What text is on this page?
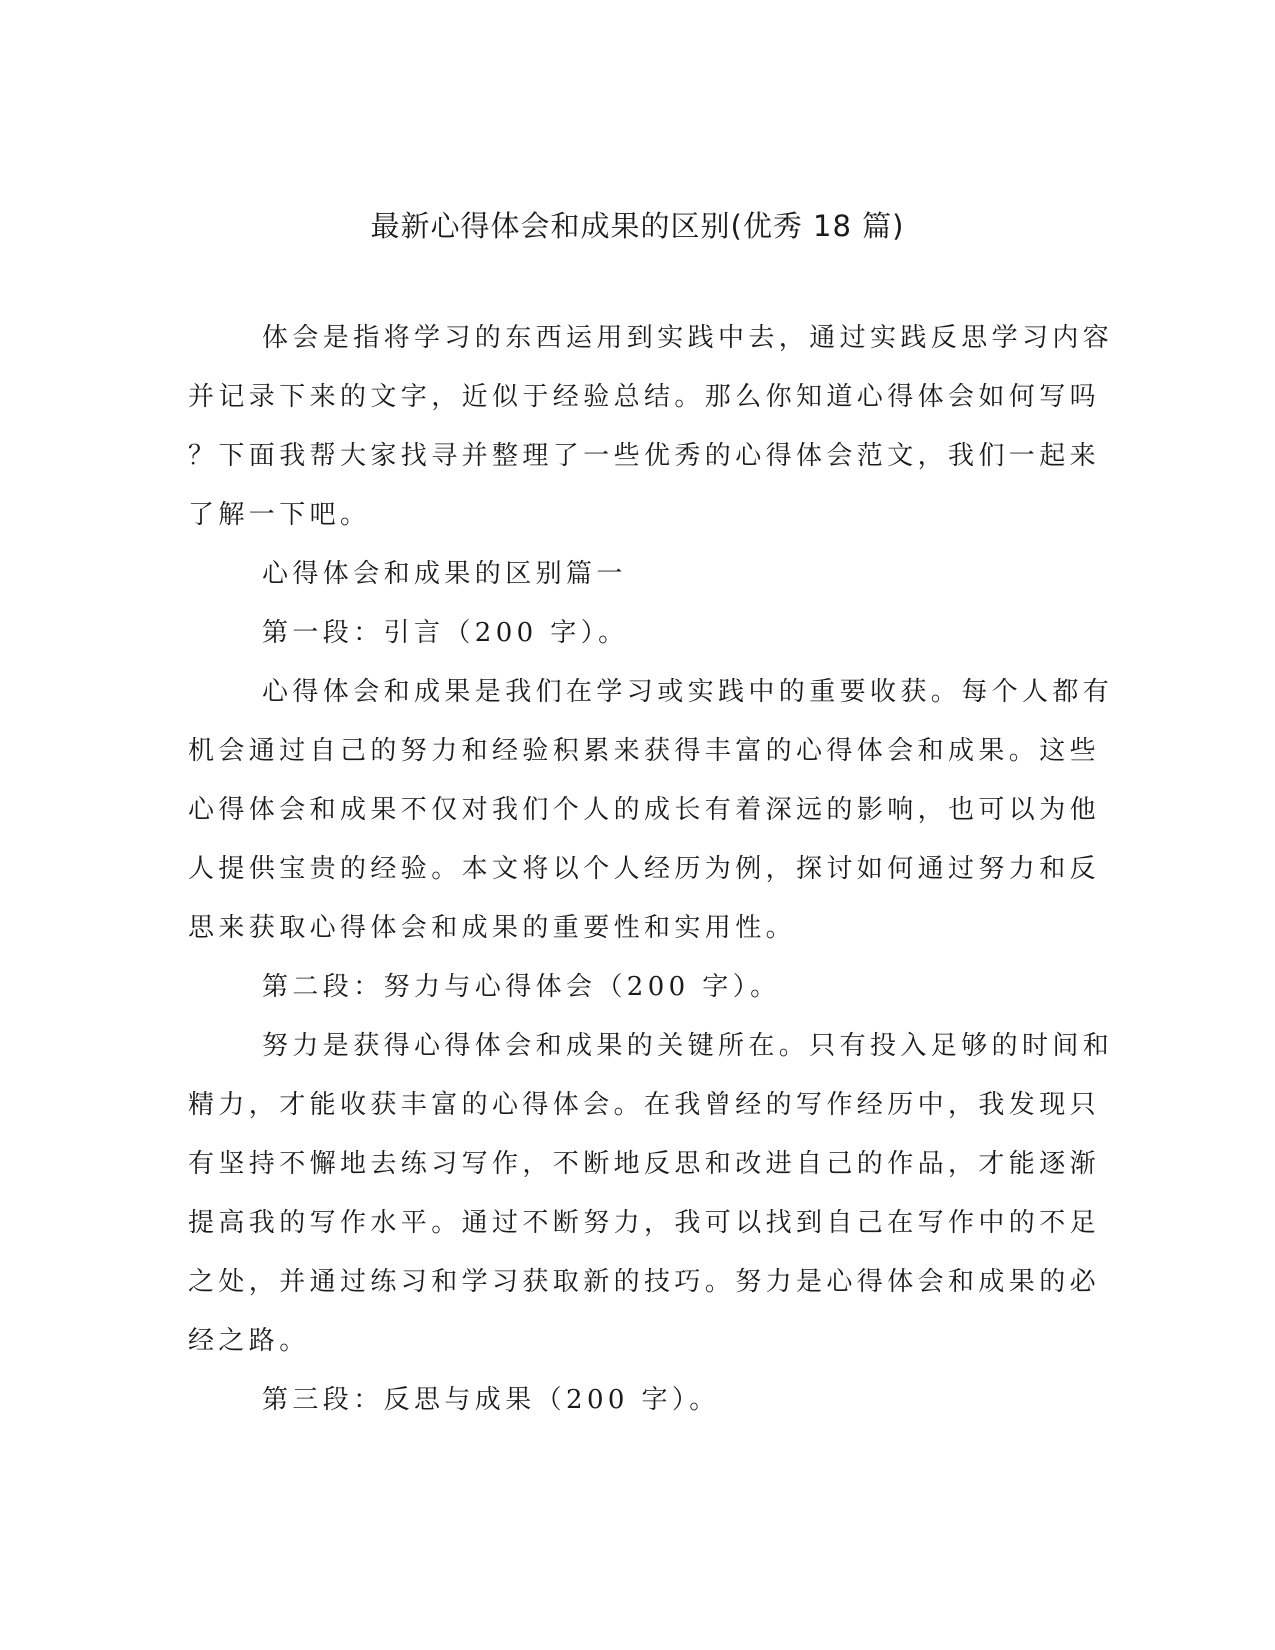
最新心得体会和成果的区别(优秀 18 篇)

体会是指将学习的东西运用到实践中去，通过实践反思学习内容

并记录下来的文字，近似于经验总结。那么你知道心得体会如何写吗

？下面我帮大家找寻并整理了一些优秀的心得体会范文，我们一起来

了解一下吧。

心得体会和成果的区别篇一

第一段：引言（200 字）。

心得体会和成果是我们在学习或实践中的重要收获。每个人都有

机会通过自己的努力和经验积累来获得丰富的心得体会和成果。这些

心得体会和成果不仅对我们个人的成长有着深远的影响，也可以为他

人提供宝贵的经验。本文将以个人经历为例，探讨如何通过努力和反

思来获取心得体会和成果的重要性和实用性。

第二段：努力与心得体会（200 字）。

努力是获得心得体会和成果的关键所在。只有投入足够的时间和

精力，才能收获丰富的心得体会。在我曾经的写作经历中，我发现只

有坚持不懈地去练习写作，不断地反思和改进自己的作品，才能逐渐

提高我的写作水平。通过不断努力，我可以找到自己在写作中的不足

之处，并通过练习和学习获取新的技巧。努力是心得体会和成果的必

经之路。

第三段：反思与成果（200 字）。
